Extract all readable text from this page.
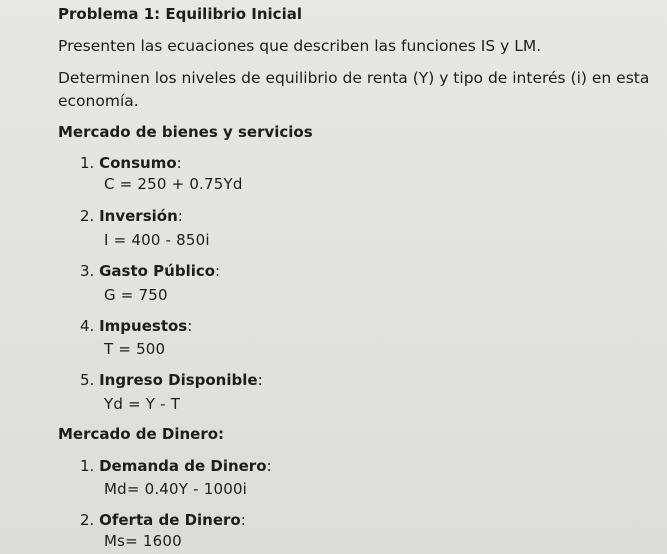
Problema 1: Equilibrio Inicial
Presenten las ecuaciones que describen las funciones IS y LM.
Determinen los niveles de equilibrio de renta (Y) y tipo de interés (i) en esta
economía.
Mercado de bienes y servicios
1. Consumo:
C = 250 + 0.75Yd
2. Inversión:
I = 400 - 850i
3. Gasto Público:
G = 750
4. Impuestos:
T = 500
5. Ingreso Disponible:
Yd = Y - T
Mercado de Dinero:
1. Demanda de Dinero:
Md= 0.40Y - 1000i
2. Oferta de Dinero:
Ms= 1600
